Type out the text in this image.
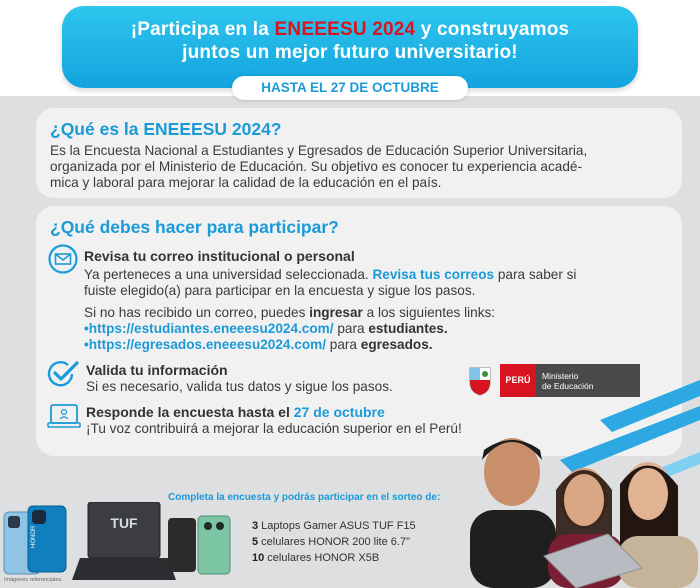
¡Participa en la ENEEESU 2024 y construyamos
juntos un mejor futuro universitario!
HASTA EL 27 DE OCTUBRE
¿Qué es la ENEEESU 2024?
Es la Encuesta Nacional a Estudiantes y Egresados de Educación Superior Universitaria,
organizada por el Ministerio de Educación. Su objetivo es conocer tu experiencia acadé-
mica y laboral para mejorar la calidad de la educación en el país.
¿Qué debes hacer para participar?
Revisa tu correo institucional o personal
Ya perteneces a una universidad seleccionada. Revisa tus correos para saber si
fuiste elegido(a) para participar en la encuesta y sigue los pasos.
Si no has recibido un correo, puedes ingresar a los siguientes links:
•https://estudiantes.eneeesu2024.com/ para estudiantes.
•https://egresados.eneeesu2024.com/ para egresados.
Valida tu información
Si es necesario, valida tus datos y sigue los pasos.	PERÚ	Ministerio
de Educación
Responde la encuesta hasta el 27 de octubre
¡Tu voz contribuirá a mejorar la educación superior en el Perú!
Completa la encuesta y podrás participar en el sorteo de:
HONOR
TUF	3 Laptops Gamer ASUS TUF F15
5 celulares HONOR 200 lite 6.7"
10 celulares HONOR X5B
Imágenes referenciales.
